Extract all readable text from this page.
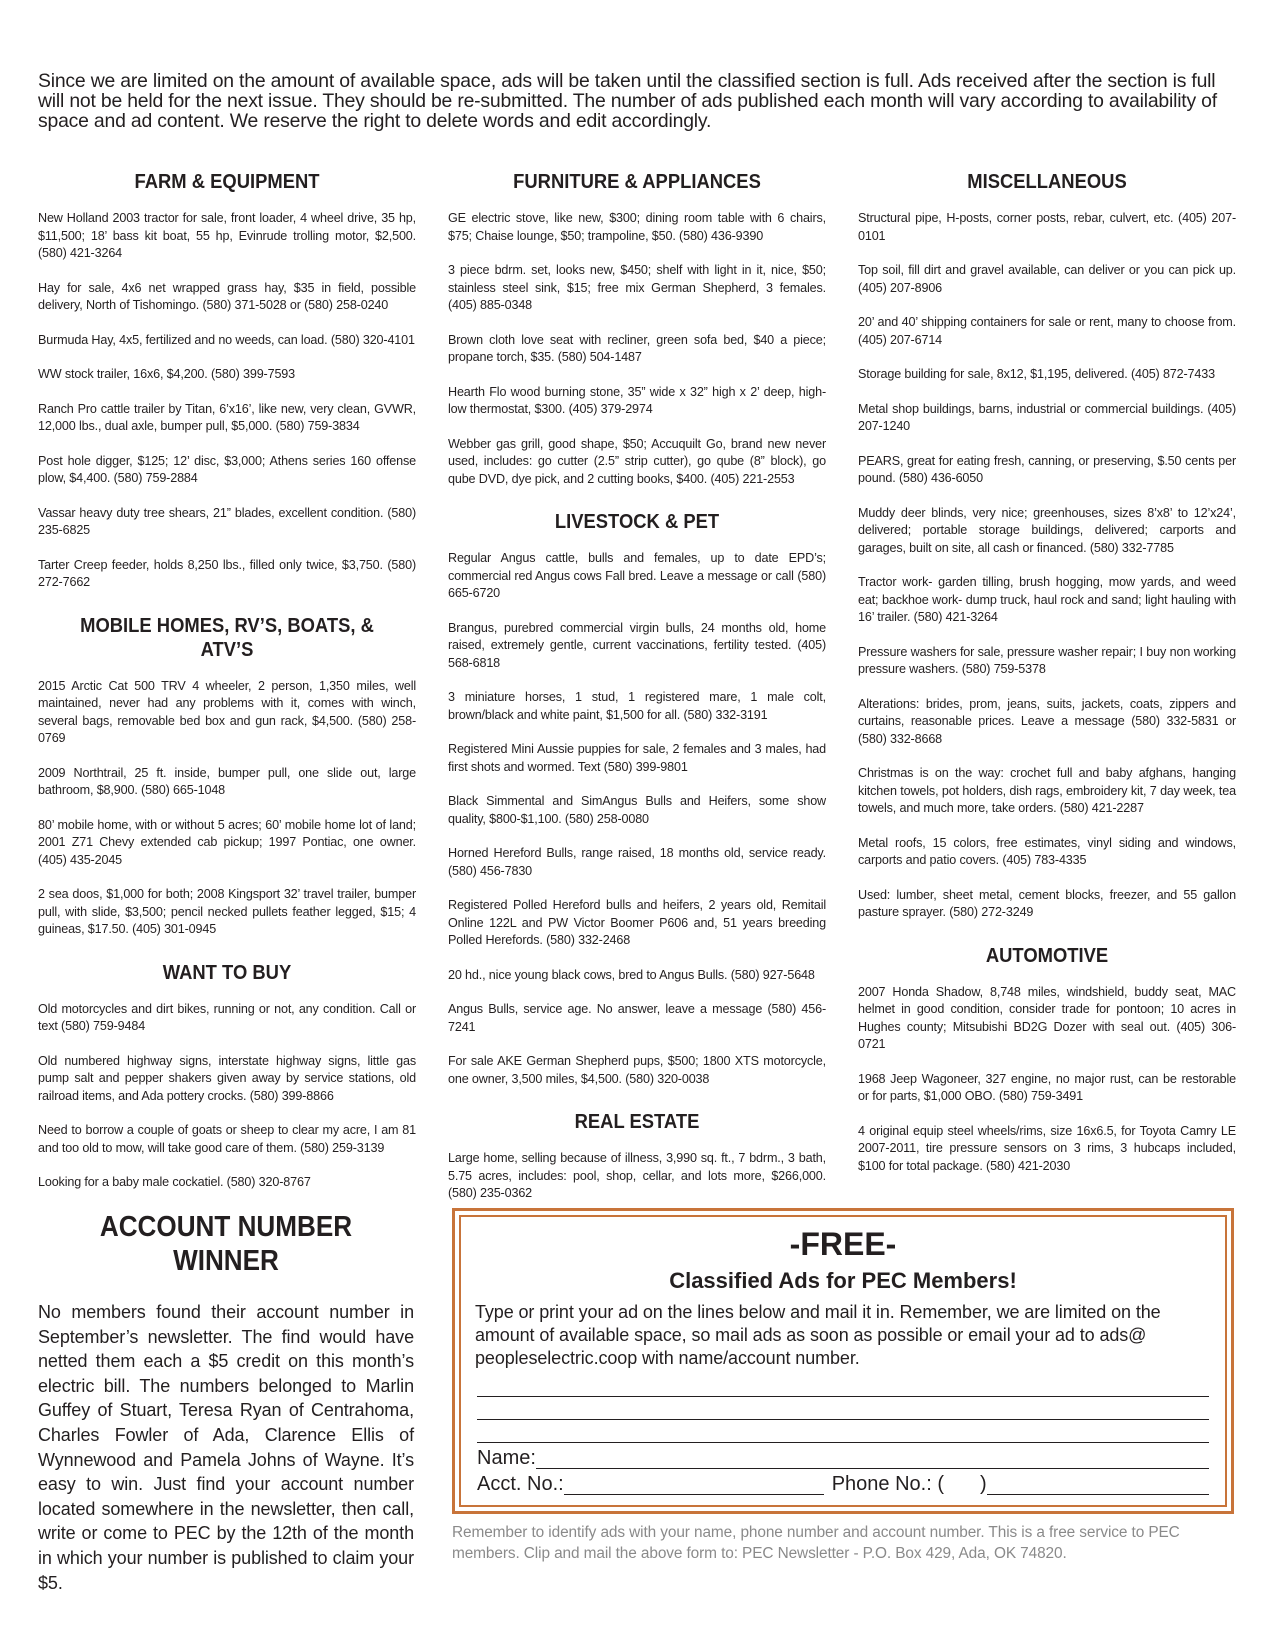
Since we are limited on the amount of available space, ads will be taken until the classified section is full. Ads received after the section is full will not be held for the next issue. They should be re-submitted. The number of ads published each month will vary according to availability of space and ad content. We reserve the right to delete words and edit accordingly.

FARM & EQUIPMENT

New Holland 2003 tractor for sale, front loader, 4 wheel drive, 35 hp, $11,500; 18’ bass kit boat, 55 hp, Evinrude trolling motor, $2,500. (580) 421-3264

Hay for sale, 4x6 net wrapped grass hay, $35 in field, possible delivery, North of Tishomingo. (580) 371-5028 or (580) 258-0240

Burmuda Hay, 4x5, fertilized and no weeds, can load. (580) 320-4101

WW stock trailer, 16x6, $4,200. (580) 399-7593

Ranch Pro cattle trailer by Titan, 6’x16’, like new, very clean, GVWR, 12,000 lbs., dual axle, bumper pull, $5,000. (580) 759-3834

Post hole digger, $125; 12’ disc, $3,000; Athens series 160 offense plow, $4,400. (580) 759-2884

Vassar heavy duty tree shears, 21” blades, excellent condition. (580) 235-6825

Tarter Creep feeder, holds 8,250 lbs., filled only twice, $3,750. (580) 272-7662

MOBILE HOMES, RV’S, BOATS, & ATV’S

2015 Arctic Cat 500 TRV 4 wheeler, 2 person, 1,350 miles, well maintained, never had any problems with it, comes with winch, several bags, removable bed box and gun rack, $4,500. (580) 258-0769

2009 Northtrail, 25 ft. inside, bumper pull, one slide out, large bathroom, $8,900. (580) 665-1048

80’ mobile home, with or without 5 acres; 60’ mobile home lot of land; 2001 Z71 Chevy extended cab pickup; 1997 Pontiac, one owner. (405) 435-2045

2 sea doos, $1,000 for both; 2008 Kingsport 32’ travel trailer, bumper pull, with slide, $3,500; pencil necked pullets feather legged, $15; 4 guineas, $17.50. (405) 301-0945

WANT TO BUY

Old motorcycles and dirt bikes, running or not, any condition. Call or text (580) 759-9484

Old numbered highway signs, interstate highway signs, little gas pump salt and pepper shakers given away by service stations, old railroad items, and Ada pottery crocks. (580) 399-8866

Need to borrow a couple of goats or sheep to clear my acre, I am 81 and too old to mow, will take good care of them. (580) 259-3139

Looking for a baby male cockatiel. (580) 320-8767

FURNITURE & APPLIANCES

GE electric stove, like new, $300; dining room table with 6 chairs, $75; Chaise lounge, $50; trampoline, $50. (580) 436-9390

3 piece bdrm. set, looks new, $450; shelf with light in it, nice, $50; stainless steel sink, $15; free mix German Shepherd, 3 females. (405) 885-0348

Brown cloth love seat with recliner, green sofa bed, $40 a piece; propane torch, $35. (580) 504-1487

Hearth Flo wood burning stone, 35” wide x 32” high x 2’ deep, high-low thermostat, $300. (405) 379-2974

Webber gas grill, good shape, $50; Accuquilt Go, brand new never used, includes: go cutter (2.5” strip cutter), go qube (8” block), go qube DVD, dye pick, and 2 cutting books, $400. (405) 221-2553

LIVESTOCK & PET

Regular Angus cattle, bulls and females, up to date EPD’s; commercial red Angus cows Fall bred. Leave a message or call (580) 665-6720

Brangus, purebred commercial virgin bulls, 24 months old, home raised, extremely gentle, current vaccinations, fertility tested. (405) 568-6818

3 miniature horses, 1 stud, 1 registered mare, 1 male colt, brown/black and white paint, $1,500 for all. (580) 332-3191

Registered Mini Aussie puppies for sale, 2 females and 3 males, had first shots and wormed. Text (580) 399-9801

Black Simmental and SimAngus Bulls and Heifers, some show quality, $800-$1,100. (580) 258-0080

Horned Hereford Bulls, range raised, 18 months old, service ready. (580) 456-7830

Registered Polled Hereford bulls and heifers, 2 years old, Remitail Online 122L and PW Victor Boomer P606 and, 51 years breeding Polled Herefords. (580) 332-2468

20 hd., nice young black cows, bred to Angus Bulls. (580) 927-5648

Angus Bulls, service age. No answer, leave a message (580) 456-7241

For sale AKE German Shepherd pups, $500; 1800 XTS motorcycle, one owner, 3,500 miles, $4,500. (580) 320-0038

REAL ESTATE

Large home, selling because of illness, 3,990 sq. ft., 7 bdrm., 3 bath, 5.75 acres, includes: pool, shop, cellar, and lots more, $266,000. (580) 235-0362

MISCELLANEOUS

Structural pipe, H-posts, corner posts, rebar, culvert, etc. (405) 207-0101

Top soil, fill dirt and gravel available, can deliver or you can pick up. (405) 207-8906

20’ and 40’ shipping containers for sale or rent, many to choose from. (405) 207-6714

Storage building for sale, 8x12, $1,195, delivered. (405) 872-7433

Metal shop buildings, barns, industrial or commercial buildings. (405) 207-1240

PEARS, great for eating fresh, canning, or preserving, $.50 cents per pound. (580) 436-6050

Muddy deer blinds, very nice; greenhouses, sizes 8’x8’ to 12’x24’, delivered; portable storage buildings, delivered; carports and garages, built on site, all cash or financed. (580) 332-7785

Tractor work- garden tilling, brush hogging, mow yards, and weed eat; backhoe work- dump truck, haul rock and sand; light hauling with 16’ trailer. (580) 421-3264

Pressure washers for sale, pressure washer repair; I buy non working pressure washers. (580) 759-5378

Alterations: brides, prom, jeans, suits, jackets, coats, zippers and curtains, reasonable prices. Leave a message (580) 332-5831 or (580) 332-8668

Christmas is on the way: crochet full and baby afghans, hanging kitchen towels, pot holders, dish rags, embroidery kit, 7 day week, tea towels, and much more, take orders. (580) 421-2287

Metal roofs, 15 colors, free estimates, vinyl siding and windows, carports and patio covers. (405) 783-4335

Used: lumber, sheet metal, cement blocks, freezer, and 55 gallon pasture sprayer. (580) 272-3249

AUTOMOTIVE

2007 Honda Shadow, 8,748 miles, windshield, buddy seat, MAC helmet in good condition, consider trade for pontoon; 10 acres in Hughes county; Mitsubishi BD2G Dozer with seal out. (405) 306-0721

1968 Jeep Wagoneer, 327 engine, no major rust, can be restorable or for parts, $1,000 OBO. (580) 759-3491

4 original equip steel wheels/rims, size 16x6.5, for Toyota Camry LE 2007-2011, tire pressure sensors on 3 rims, 3 hubcaps included, $100 for total package. (580) 421-2030

ACCOUNT NUMBER WINNER

No members found their account number in September’s newsletter. The find would have netted them each a $5 credit on this month’s electric bill. The numbers belonged to Marlin Guffey of Stuart, Teresa Ryan of Centrahoma, Charles Fowler of Ada, Clarence Ellis of Wynnewood and Pamela Johns of Wayne. It’s easy to win. Just find your account number located somewhere in the newsletter, then call, write or come to PEC by the 12th of the month in which your number is published to claim your $5.

-FREE-
Classified Ads for PEC Members!

Type or print your ad on the lines below and mail it in. Remember, we are limited on the amount of available space, so mail ads as soon as possible or email your ad to ads@ peopleselectric.coop with name/account number.

Name:
Acct. No.:	Phone No.: ( )

Remember to identify ads with your name, phone number and account number. This is a free service to PEC members. Clip and mail the above form to: PEC Newsletter - P.O. Box 429, Ada, OK 74820.
